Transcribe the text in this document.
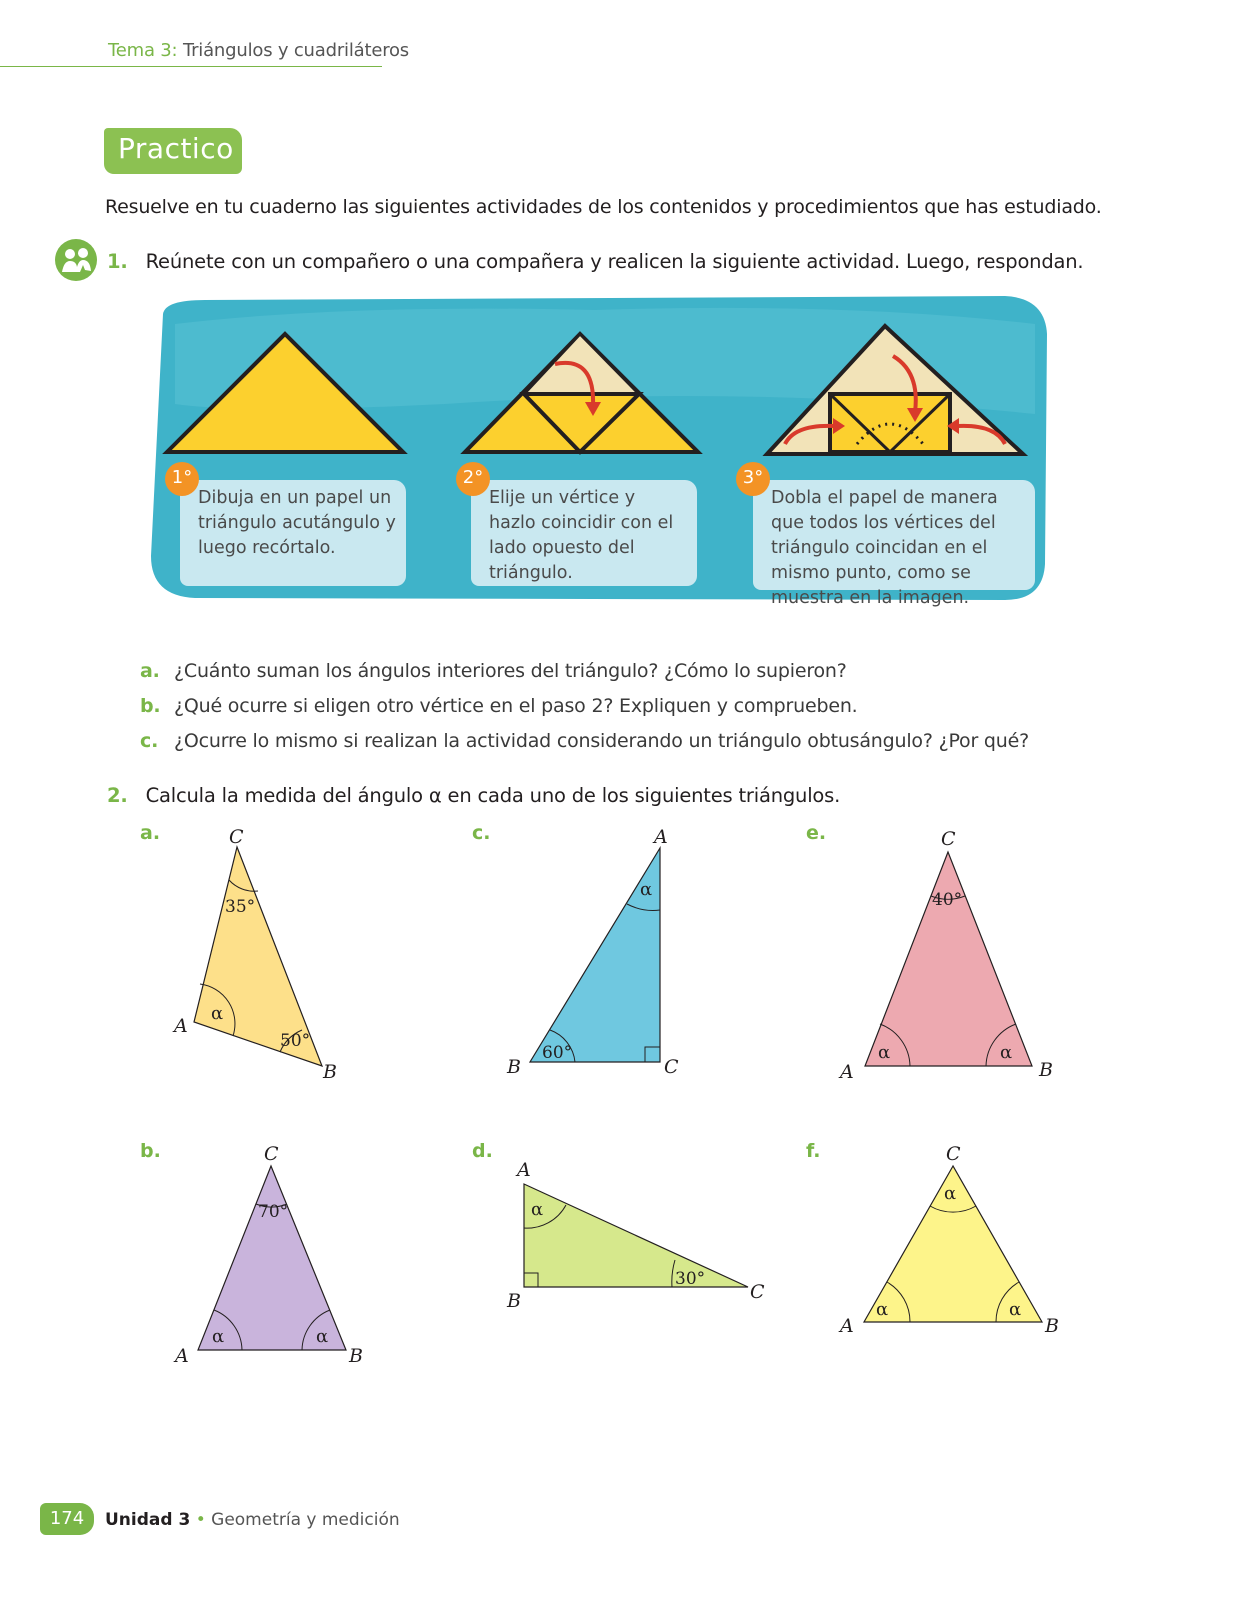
Tema 3: Triángulos y cuadriláteros
Practico
Resuelve en tu cuaderno las siguientes actividades de los contenidos y procedimientos que has estudiado.
1. Reúnete con un compañero o una compañera y realicen la siguiente actividad. Luego, respondan.
Dibuja en un papel un triángulo acutángulo y luego recórtalo.
1°
Elije un vértice y hazlo coincidir con el lado opuesto del triángulo.
2°
Dobla el papel de manera que todos los vértices del triángulo coincidan en el mismo punto, como se muestra en la imagen.
3°
a. ¿Cuánto suman los ángulos interiores del triángulo? ¿Cómo lo supieron?
b. ¿Qué ocurre si eligen otro vértice en el paso 2? Expliquen y comprueben.
c. ¿Ocurre lo mismo si realizan la actividad considerando un triángulo obtusángulo? ¿Por qué?
2. Calcula la medida del ángulo α en cada uno de los siguientes triángulos.
a.	c.	e.
b.	d.	f.
C
A
B
35°
α
50°
A
B	C
α
60°
C
A	B
40°
α	α
C
A	B
70°
α	α
A
B	C
α
30°
C
A	B
α
α	α
174	Unidad 3 • Geometría y medición
